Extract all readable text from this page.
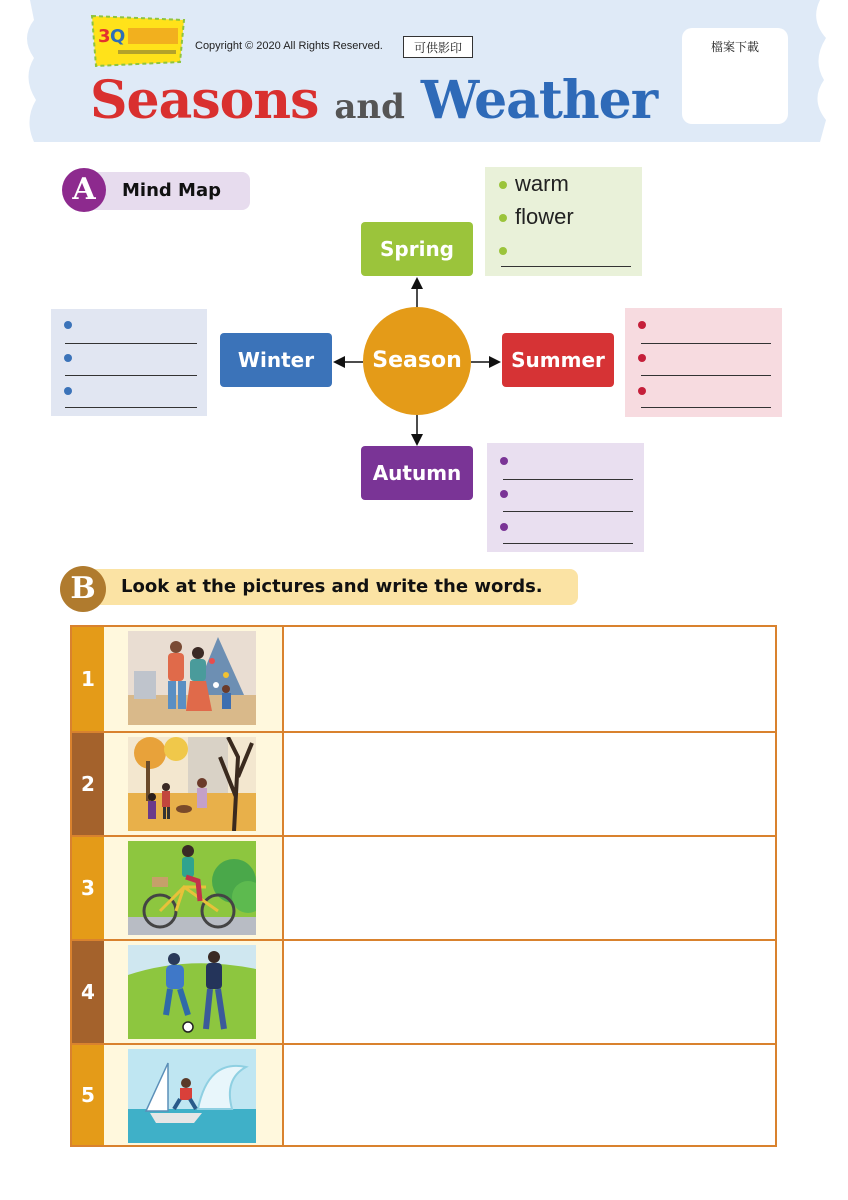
3 Q	Copyright © 2020 All Rights Reserved.	可供影印	檔案下載
Seasons and Weather
A	Mind Map
Season
Spring
Winter	Summer
Autumn
warm
flower
B	Look at the pictures and write the words.
1
2
3
4
5
